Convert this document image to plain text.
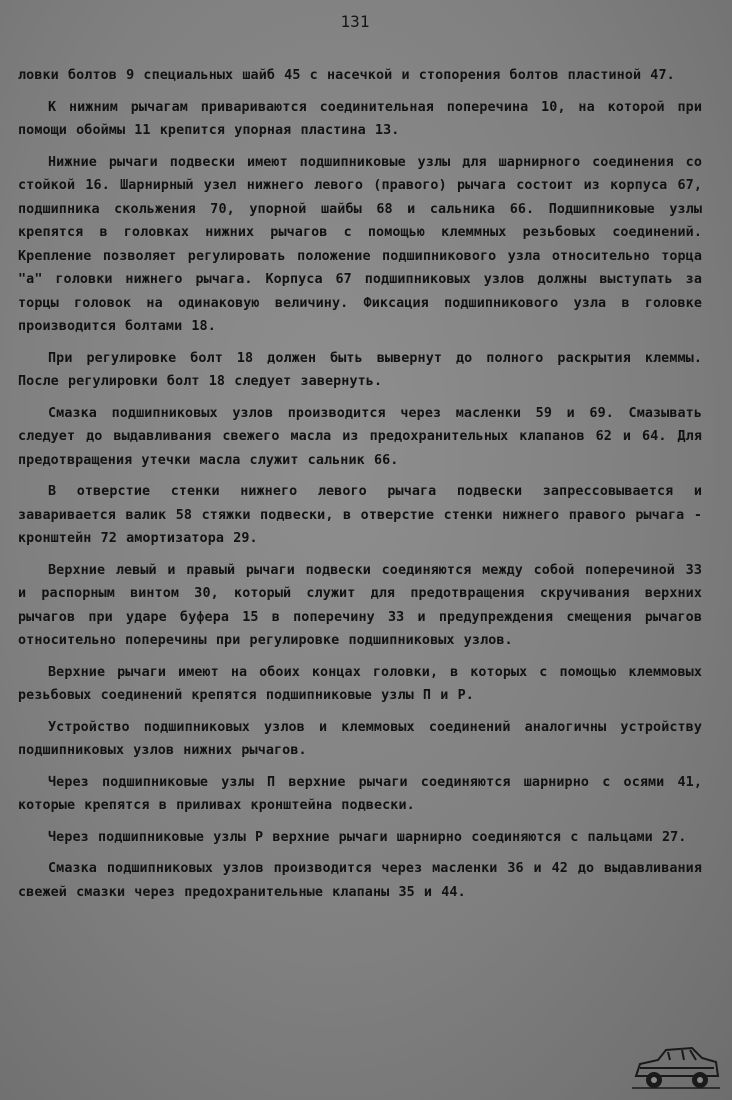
131

ловки болтов 9 специальных шайб 45 с насечкой и стопорения болтов пластиной 47.

К нижним рычагам привариваются соединительная поперечина 10, на которой при помощи обоймы 11 крепится упорная пластина 13.

Нижние рычаги подвески имеют подшипниковые узлы для шарнирного соединения со стойкой 16. Шарнирный узел нижнего левого (правого) рычага состоит из корпуса 67, подшипника скольжения 70, упорной шайбы 68 и сальника 66. Подшипниковые узлы крепятся в головках нижних рычагов с помощью клеммных резьбовых соединений. Крепление позволяет регулировать положение подшипникового узла относительно торца "а" головки нижнего рычага. Корпуса 67 подшипниковых узлов должны выступать за торцы головок на одинаковую величину. Фиксация подшипникового узла в головке производится болтами 18.

При регулировке болт 18 должен быть вывернут до полного раскрытия клеммы. После регулировки болт 18 следует завернуть.

Смазка подшипниковых узлов производится через масленки 59 и 69. Смазывать следует до выдавливания свежего масла из предохранительных клапанов 62 и 64. Для предотвращения утечки масла служит сальник 66.

В отверстие стенки нижнего левого рычага подвески запрессовывается и заваривается валик 58 стяжки подвески, в отверстие стенки нижнего правого рычага - кронштейн 72 амортизатора 29.

Верхние левый и правый рычаги подвески соединяются между собой поперечиной 33 и распорным винтом 30, который служит для предотвращения скручивания верхних рычагов при ударе буфера 15 в поперечину 33 и предупреждения смещения рычагов относительно поперечины при регулировке подшипниковых узлов.

Верхние рычаги имеют на обоих концах головки, в которых с помощью клеммовых резьбовых соединений крепятся подшипниковые узлы П и Р.

Устройство подшипниковых узлов и клеммовых соединений аналогичны устройству подшипниковых узлов нижних рычагов.

Через подшипниковые узлы П верхние рычаги соединяются шарнирно с осями 41, которые крепятся в приливах кронштейна подвески.

Через подшипниковые узлы Р верхние рычаги шарнирно соединяются с пальцами 27.

Смазка подшипниковых узлов производится через масленки 36 и 42 до выдавливания свежей смазки через предохранительные клапаны 35 и 44.
